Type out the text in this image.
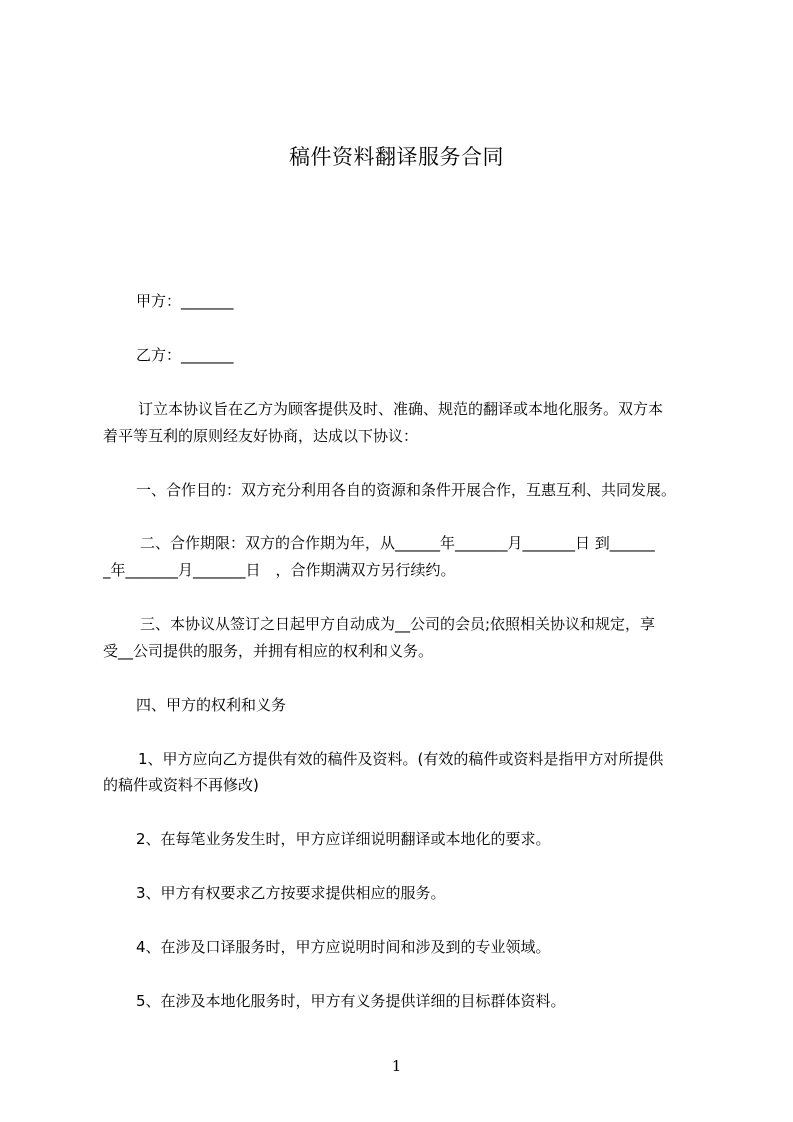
稿件资料翻译服务合同
甲方：_______
乙方：_______
订立本协议旨在乙方为顾客提供及时、准确、规范的翻译或本地化服务。双方本
着平等互利的原则经友好协商，达成以下协议：
一、合作目的：双方充分利用各自的资源和条件开展合作，互惠互利、共同发展。
二、合作期限：双方的合作期为年，从______年_______月_______日 到______
_年_______月_______日　，合作期满双方另行续约。
三、本协议从签订之日起甲方自动成为__公司的会员;依照相关协议和规定，享
受__公司提供的服务，并拥有相应的权利和义务。
四、甲方的权利和义务
1、甲方应向乙方提供有效的稿件及资料。(有效的稿件或资料是指甲方对所提供
的稿件或资料不再修改)
2、在每笔业务发生时，甲方应详细说明翻译或本地化的要求。
3、甲方有权要求乙方按要求提供相应的服务。
4、在涉及口译服务时，甲方应说明时间和涉及到的专业领域。
5、在涉及本地化服务时，甲方有义务提供详细的目标群体资料。
1
